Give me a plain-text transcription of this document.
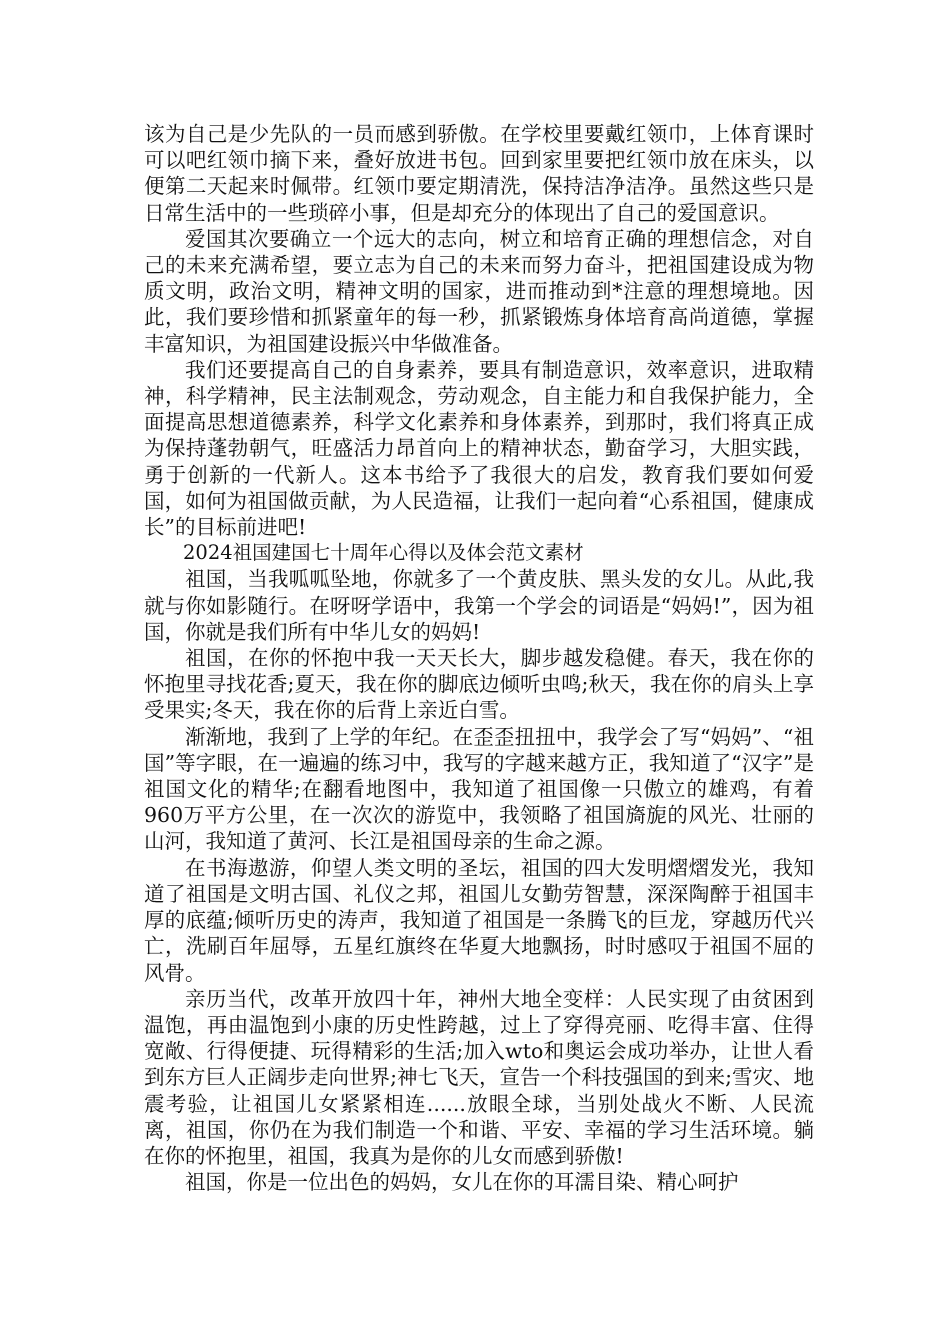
该为自己是少先队的一员而感到骄傲。在学校里要戴红领巾，上体育课时可以吧红领巾摘下来，叠好放进书包。回到家里要把红领巾放在床头，以便第二天起来时佩带。红领巾要定期清洗，保持洁净洁净。虽然这些只是日常生活中的一些琐碎小事，但是却充分的体现出了自己的爱国意识。

爱国其次要确立一个远大的志向，树立和培育正确的理想信念，对自己的未来充满希望，要立志为自己的未来而努力奋斗，把祖国建设成为物质文明，政治文明，精神文明的国家，进而推动到*注意的理想境地。因此，我们要珍惜和抓紧童年的每一秒，抓紧锻炼身体培育高尚道德，掌握丰富知识，为祖国建设振兴中华做准备。

我们还要提高自己的自身素养，要具有制造意识，效率意识，进取精神，科学精神，民主法制观念，劳动观念，自主能力和自我保护能力，全面提高思想道德素养，科学文化素养和身体素养，到那时，我们将真正成为保持蓬勃朝气，旺盛活力昂首向上的精神状态，勤奋学习，大胆实践，勇于创新的一代新人。这本书给予了我很大的启发，教育我们要如何爱国，如何为祖国做贡献，为人民造福，让我们一起向着“心系祖国，健康成长”的目标前进吧!

2024祖国建国七十周年心得以及体会范文素材

祖国，当我呱呱坠地，你就多了一个黄皮肤、黑头发的女儿。从此,我就与你如影随行。在呀呀学语中，我第一个学会的词语是“妈妈!”，因为祖国，你就是我们所有中华儿女的妈妈!

祖国，在你的怀抱中我一天天长大，脚步越发稳健。春天，我在你的怀抱里寻找花香;夏天，我在你的脚底边倾听虫鸣;秋天，我在你的肩头上享受果实;冬天，我在你的后背上亲近白雪。

渐渐地，我到了上学的年纪。在歪歪扭扭中，我学会了写“妈妈”、“祖国”等字眼，在一遍遍的练习中，我写的字越来越方正，我知道了“汉字”是祖国文化的精华;在翻看地图中，我知道了祖国像一只傲立的雄鸡，有着960万平方公里，在一次次的游览中，我领略了祖国旖旎的风光、壮丽的山河，我知道了黄河、长江是祖国母亲的生命之源。

在书海遨游，仰望人类文明的圣坛，祖国的四大发明熠熠发光，我知道了祖国是文明古国、礼仪之邦，祖国儿女勤劳智慧，深深陶醉于祖国丰厚的底蕴;倾听历史的涛声，我知道了祖国是一条腾飞的巨龙，穿越历代兴亡，洗刷百年屈辱，五星红旗终在华夏大地飘扬，时时感叹于祖国不屈的风骨。

亲历当代，改革开放四十年，神州大地全变样：人民实现了由贫困到温饱，再由温饱到小康的历史性跨越，过上了穿得亮丽、吃得丰富、住得宽敞、行得便捷、玩得精彩的生活;加入wto和奥运会成功举办，让世人看到东方巨人正阔步走向世界;神七飞天，宣告一个科技强国的到来;雪灾、地震考验，让祖国儿女紧紧相连......放眼全球，当别处战火不断、人民流离，祖国，你仍在为我们制造一个和谐、平安、幸福的学习生活环境。躺在你的怀抱里，祖国，我真为是你的儿女而感到骄傲!

祖国，你是一位出色的妈妈，女儿在你的耳濡目染、精心呵护
